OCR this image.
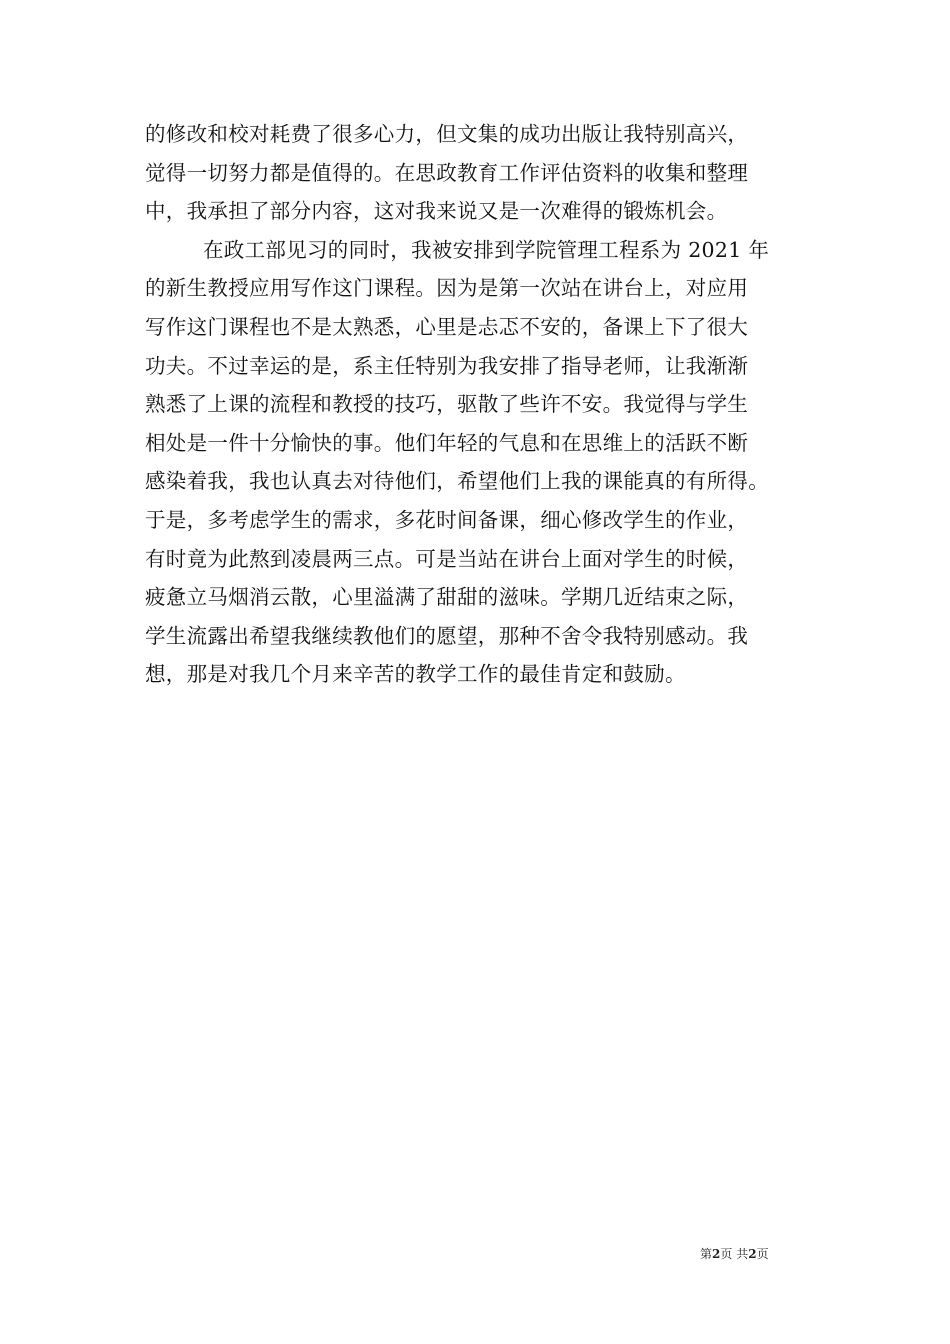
的修改和校对耗费了很多心力，但文集的成功出版让我特别高兴，
觉得一切努力都是值得的。在思政教育工作评估资料的收集和整理
中，我承担了部分内容，这对我来说又是一次难得的锻炼机会。
在政工部见习的同时，我被安排到学院管理工程系为 2021 年
的新生教授应用写作这门课程。因为是第一次站在讲台上，对应用
写作这门课程也不是太熟悉，心里是忐忑不安的，备课上下了很大
功夫。不过幸运的是，系主任特别为我安排了指导老师，让我渐渐
熟悉了上课的流程和教授的技巧，驱散了些许不安。我觉得与学生
相处是一件十分愉快的事。他们年轻的气息和在思维上的活跃不断
感染着我，我也认真去对待他们，希望他们上我的课能真的有所得。
于是，多考虑学生的需求，多花时间备课，细心修改学生的作业，
有时竟为此熬到凌晨两三点。可是当站在讲台上面对学生的时候，
疲惫立马烟消云散，心里溢满了甜甜的滋味。学期几近结束之际，
学生流露出希望我继续教他们的愿望，那种不舍令我特别感动。我
想，那是对我几个月来辛苦的教学工作的最佳肯定和鼓励。
第2页 共2页
